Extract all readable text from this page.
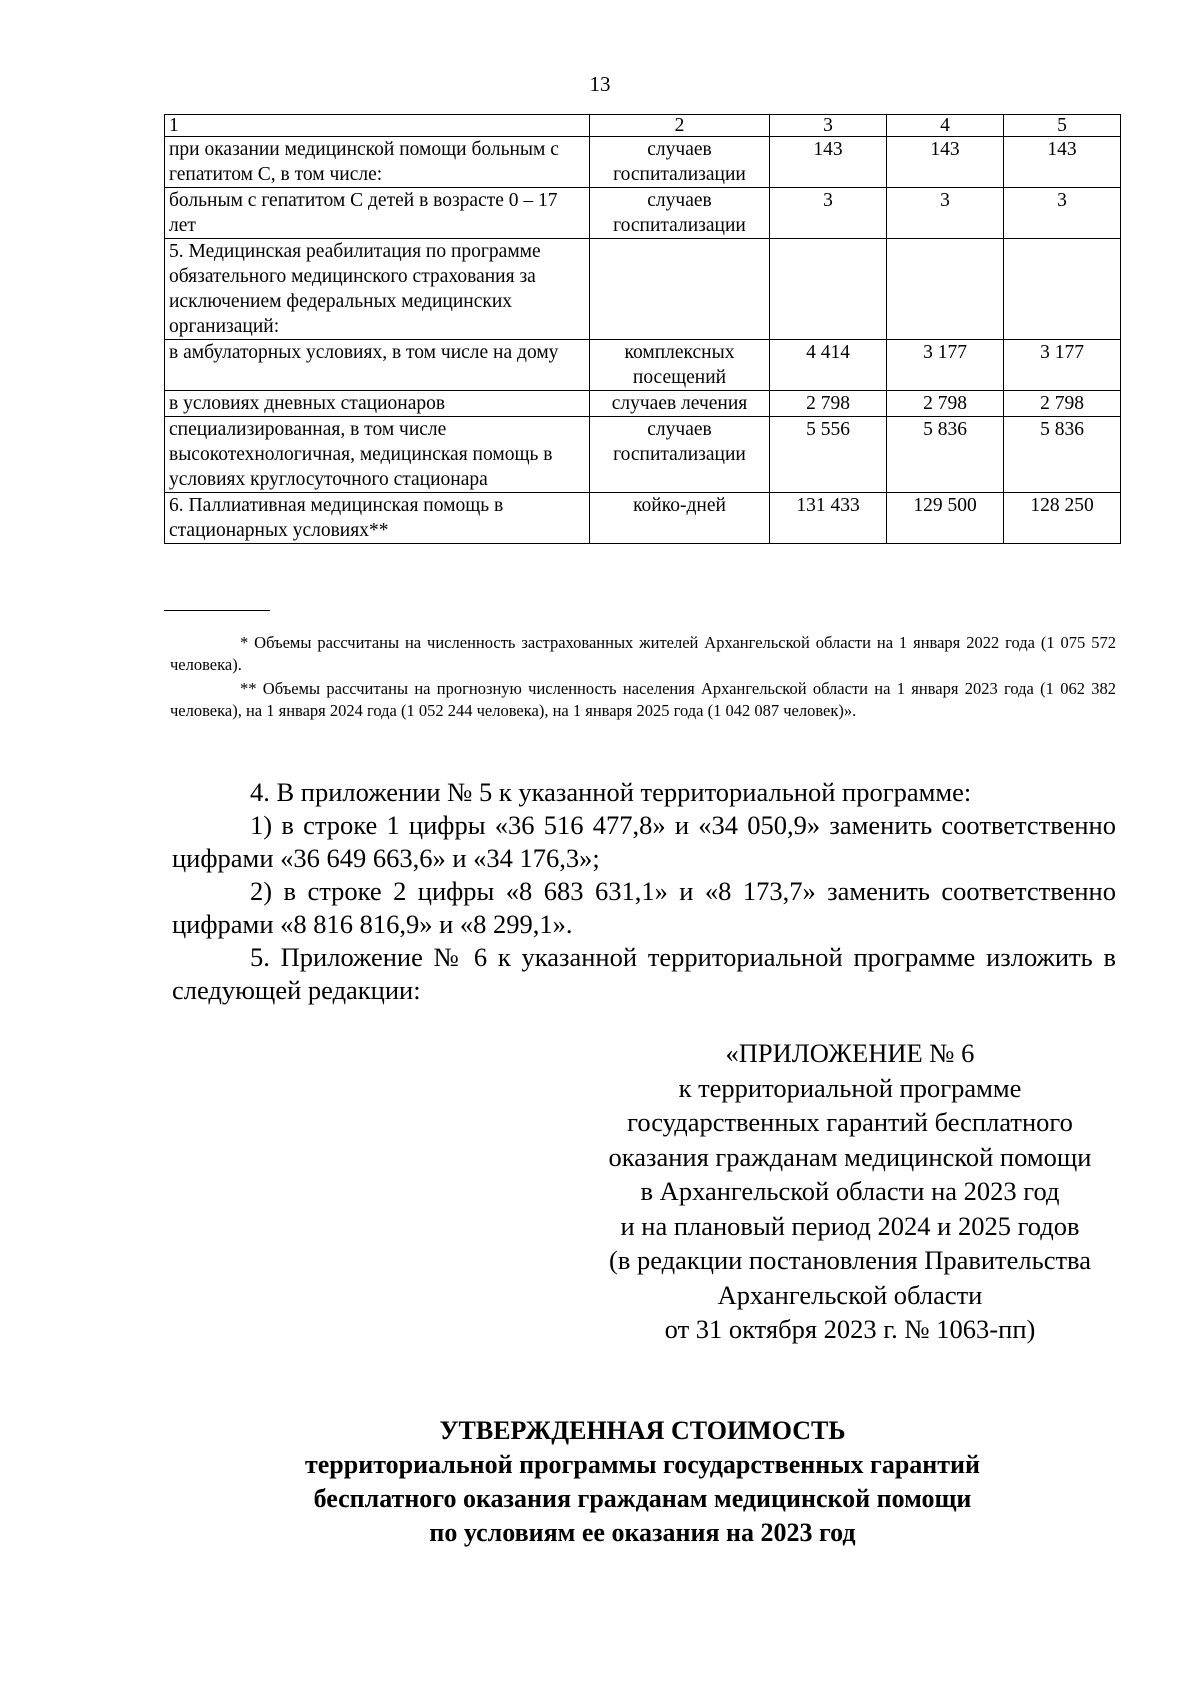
13
1	2	3	4	5
при оказании медицинской помощи больным с гепатитом С, в том числе:	случаев госпитализации	143	143	143
больным с гепатитом С детей в возрасте 0 – 17 лет	случаев госпитализации	3	3	3
5. Медицинская реабилитация по программе обязательного медицинского страхования за исключением федеральных медицинских организаций:				
в амбулаторных условиях, в том числе на дому	комплексных посещений	4 414	3 177	3 177
в условиях дневных стационаров	случаев лечения	2 798	2 798	2 798
специализированная, в том числе высокотехнологичная, медицинская помощь в условиях круглосуточного стационара	случаев госпитализации	5 556	5 836	5 836
6. Паллиативная медицинская помощь в стационарных условиях**	койко-дней	131 433	129 500	128 250

* Объемы рассчитаны на численность застрахованных жителей Архангельской области на 1 января 2022 года (1 075 572 человека).

** Объемы рассчитаны на прогнозную численность населения Архангельской области на 1 января 2023 года (1 062 382 человека), на 1 января 2024 года (1 052 244 человека), на 1 января 2025 года (1 042 087 человек)».

4. В приложении № 5 к указанной территориальной программе:

1) в строке 1 цифры «36 516 477,8» и «34 050,9» заменить соответственно цифрами «36 649 663,6» и «34 176,3»;

2) в строке 2 цифры «8 683 631,1» и «8 173,7» заменить соответственно цифрами «8 816 816,9» и «8 299,1».

5. Приложение № 6 к указанной территориальной программе изложить в следующей редакции:

«ПРИЛОЖЕНИЕ № 6
к территориальной программе
государственных гарантий бесплатного
оказания гражданам медицинской помощи
в Архангельской области на 2023 год
и на плановый период 2024 и 2025 годов
(в редакции постановления Правительства
Архангельской области
от 31 октября 2023 г. № 1063-пп)
УТВЕРЖДЕННАЯ СТОИМОСТЬ
территориальной программы государственных гарантий
бесплатного оказания гражданам медицинской помощи
по условиям ее оказания на 2023 год
